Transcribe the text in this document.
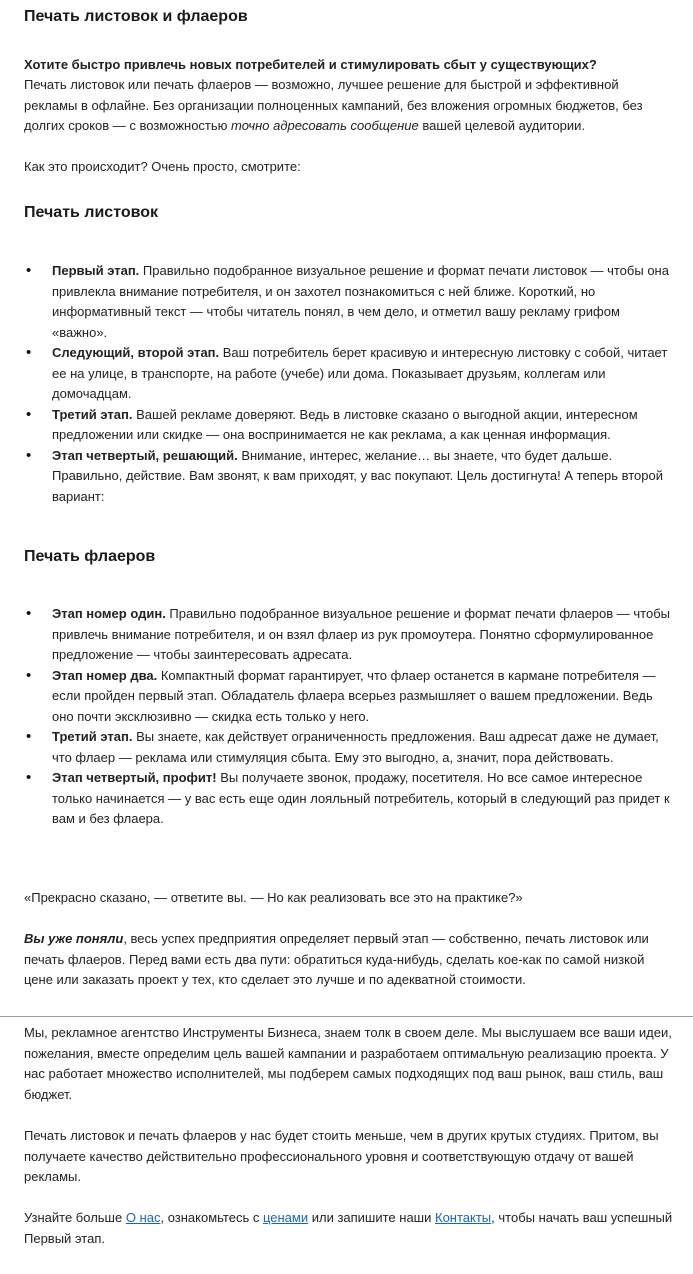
Печать листовок и флаеров

Хотите быстро привлечь новых потребителей и стимулировать сбыт у существующих?

Печать листовок или печать флаеров — возможно, лучшее решение для быстрой и эффективной рекламы в офлайне. Без организации полноценных кампаний, без вложения огромных бюджетов, без долгих сроков — с возможностью точно адресовать сообщение вашей целевой аудитории.

Как это происходит? Очень просто, смотрите:

Печать листовок
• Первый этап. Правильно подобранное визуальное решение и формат печати листовок — чтобы она привлекла внимание потребителя, и он захотел познакомиться с ней ближе. Короткий, но информативный текст — чтобы читатель понял, в чем дело, и отметил вашу рекламу грифом «важно».
• Следующий, второй этап. Ваш потребитель берет красивую и интересную листовку с собой, читает ее на улице, в транспорте, на работе (учебе) или дома. Показывает друзьям, коллегам или домочадцам.
• Третий этап. Вашей рекламе доверяют. Ведь в листовке сказано о выгодной акции, интересном предложении или скидке — она воспринимается не как реклама, а как ценная информация.
• Этап четвертый, решающий. Внимание, интерес, желание… вы знаете, что будет дальше. Правильно, действие. Вам звонят, к вам приходят, у вас покупают. Цель достигнута! А теперь второй вариант:
Печать флаеров
• Этап номер один. Правильно подобранное визуальное решение и формат печати флаеров — чтобы привлечь внимание потребителя, и он взял флаер из рук промоутера. Понятно сформулированное предложение — чтобы заинтересовать адресата.
• Этап номер два. Компактный формат гарантирует, что флаер останется в кармане потребителя — если пройден первый этап. Обладатель флаера всерьез размышляет о вашем предложении. Ведь оно почти эксклюзивно — скидка есть только у него.
• Третий этап. Вы знаете, как действует ограниченность предложения. Ваш адресат даже не думает, что флаер — реклама или стимуляция сбыта. Ему это выгодно, а, значит, пора действовать.
• Этап четвертый, профит! Вы получаете звонок, продажу, посетителя. Но все самое интересное только начинается — у вас есть еще один лояльный потребитель, который в следующий раз придет к вам и без флаера.

«Прекрасно сказано, — ответите вы. — Но как реализовать все это на практике?»

Вы уже поняли, весь успех предприятия определяет первый этап — собственно, печать листовок или печать флаеров. Перед вами есть два пути: обратиться куда-нибудь, сделать кое-как по самой низкой цене или заказать проект у тех, кто сделает это лучше и по адекватной стоимости.

Мы, рекламное агентство Инструменты Бизнеса, знаем толк в своем деле. Мы выслушаем все ваши идеи, пожелания, вместе определим цель вашей кампании и разработаем оптимальную реализацию проекта. У нас работает множество исполнителей, мы подберем самых подходящих под ваш рынок, ваш стиль, ваш бюджет.

Печать листовок и печать флаеров у нас будет стоить меньше, чем в других крутых студиях. Притом, вы получаете качество действительно профессионального уровня и соответствующую отдачу от вашей рекламы.

Узнайте больше О нас, ознакомьтесь с ценами или запишите наши Контакты, чтобы начать ваш успешный Первый этап.
